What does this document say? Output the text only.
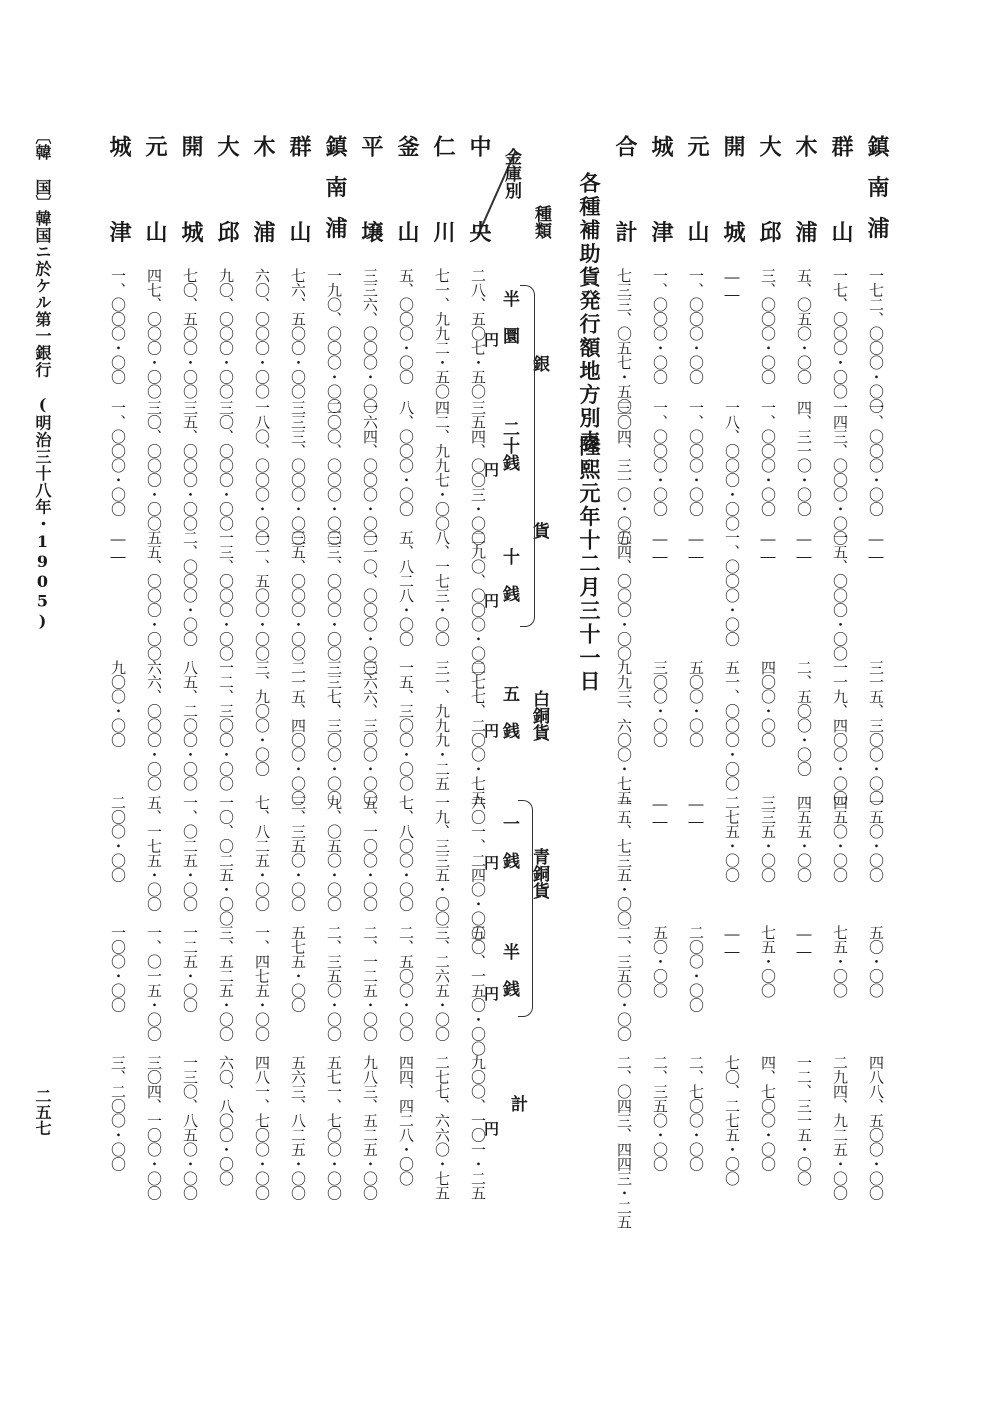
各種補助貨発行額地方別表
隆熙元年十二月三十一日
金庫別
種類
銀
貨
白銅貨
青銅貨
計
半 圜
二十銭
十 銭
五 銭
一 銭
半 銭
円
円
円
円
円
円
円
中 央
二八、五〇七・五〇
三五四、〇〇三・〇〇
二九〇、〇〇〇・〇〇
二七七、二〇〇・七五
六〇一、二四〇・〇〇
五〇、一五〇・〇〇
九〇〇、一〇一・二五
仁 川
七一、九九二・五〇
四二、九九七・〇〇
八、一七三・〇〇
三一、九九九・二五
一九、三三五・〇〇
三、二六五・〇〇
二七七、六六〇・七五
釜 山
五、〇〇〇・〇〇
八、〇〇〇・〇〇
五、八二八・〇〇
一五、三〇〇・〇〇
七、八〇〇・〇〇
二、五〇〇・〇〇
四四、四二八・〇〇
平 壌
三三六、〇〇〇・〇〇
一六四、〇〇〇・〇〇
一一〇、〇〇〇・〇〇
三六六、三〇〇・〇〇
五、一〇〇・〇〇
二、一二五・〇〇
九八三、五二五・〇〇
鎮南浦
一九〇、〇〇〇・〇〇
二〇〇、〇〇〇・〇〇
三三、〇〇〇・〇〇
三三七、三〇〇・〇〇
九、〇五〇・〇〇
二、三五〇・〇〇
五七一、七〇〇・〇〇
群 山
七六、五〇〇・〇〇
三三三、〇〇〇・〇〇
三五、〇〇〇・〇〇
二一五、四〇〇・〇〇
三、三五〇・〇〇
五七五・〇〇
五六三、八二五・〇〇
木 浦
六〇、〇〇〇・〇〇
一八〇、〇〇〇・〇〇
一一、五〇〇・〇〇
三、九〇〇・〇〇
七、八二五・〇〇
一、四七五・〇〇
四八一、七〇〇・〇〇
大 邱
九〇、〇〇〇・〇〇
三〇、〇〇〇・〇〇
一三、〇〇〇・〇〇
一二、三〇〇・〇〇
一〇、〇二五・〇〇
三、五二五・〇〇
六〇、八〇〇・〇〇
開 城
七〇、五〇〇・〇〇
三五、〇〇〇・〇〇
二、〇〇〇・〇〇
八五、二〇〇・〇〇
一、〇二五・〇〇
一二五・〇〇
一三〇、八五〇・〇〇
元 山
四七、〇〇〇・〇〇
三〇、〇〇〇・〇〇
五五、〇〇〇・〇〇
六六、〇〇〇・〇〇
五、一七五・〇〇
一、〇一五・〇〇
三〇四、一〇〇・〇〇
城 津
一、〇〇〇・〇〇
一、〇〇〇・〇〇
――
九〇〇・〇〇
二〇〇・〇〇
一〇〇・〇〇
三、二〇〇・〇〇
鎮南浦
一七二、〇〇〇・〇〇
一、〇〇〇・〇〇
――
三一五、三〇〇・〇〇
一五〇・〇〇
五〇・〇〇
四八八、五〇〇・〇〇
群 山
一七、〇〇〇・〇〇
一四三、〇〇〇・〇〇
一五、〇〇〇・〇〇
一一九、四〇〇・〇〇
四五〇・〇〇
七五・〇〇
二九四、九二五・〇〇
木 浦
五、〇五〇・〇〇
四、三一〇・〇〇
――
二、五〇〇・〇〇
四五五・〇〇
――
一二、三一五・〇〇
大 邱
三、〇〇〇・〇〇
一、〇〇〇・〇〇
――
四〇〇・〇〇
三三五・〇〇
七五・〇〇
四、七〇〇・〇〇
開 城
――
一八、〇〇〇・〇〇
一、〇〇〇・〇〇
五一、〇〇〇・〇〇
二七五・〇〇
――
七〇、二七五・〇〇
元 山
一、〇〇〇・〇〇
一、〇〇〇・〇〇
――
五〇〇・〇〇
――
二〇〇・〇〇
二、七〇〇・〇〇
城 津
一、〇〇〇・〇〇
一、〇〇〇・〇〇
――
三〇〇・〇〇
――
五〇・〇〇
二、三五〇・〇〇
合 計
七三三、〇五七・五〇
三〇四、三一〇・〇〇
五四、〇〇〇・〇〇
九九三、六〇〇・七五
一五、七三五・〇〇
二、三五〇・〇〇
二、〇四三、四四三・二五
〔韓 国〕
韓国ニ於ケル第一銀行　(明治三十八年・1905)
二五七
